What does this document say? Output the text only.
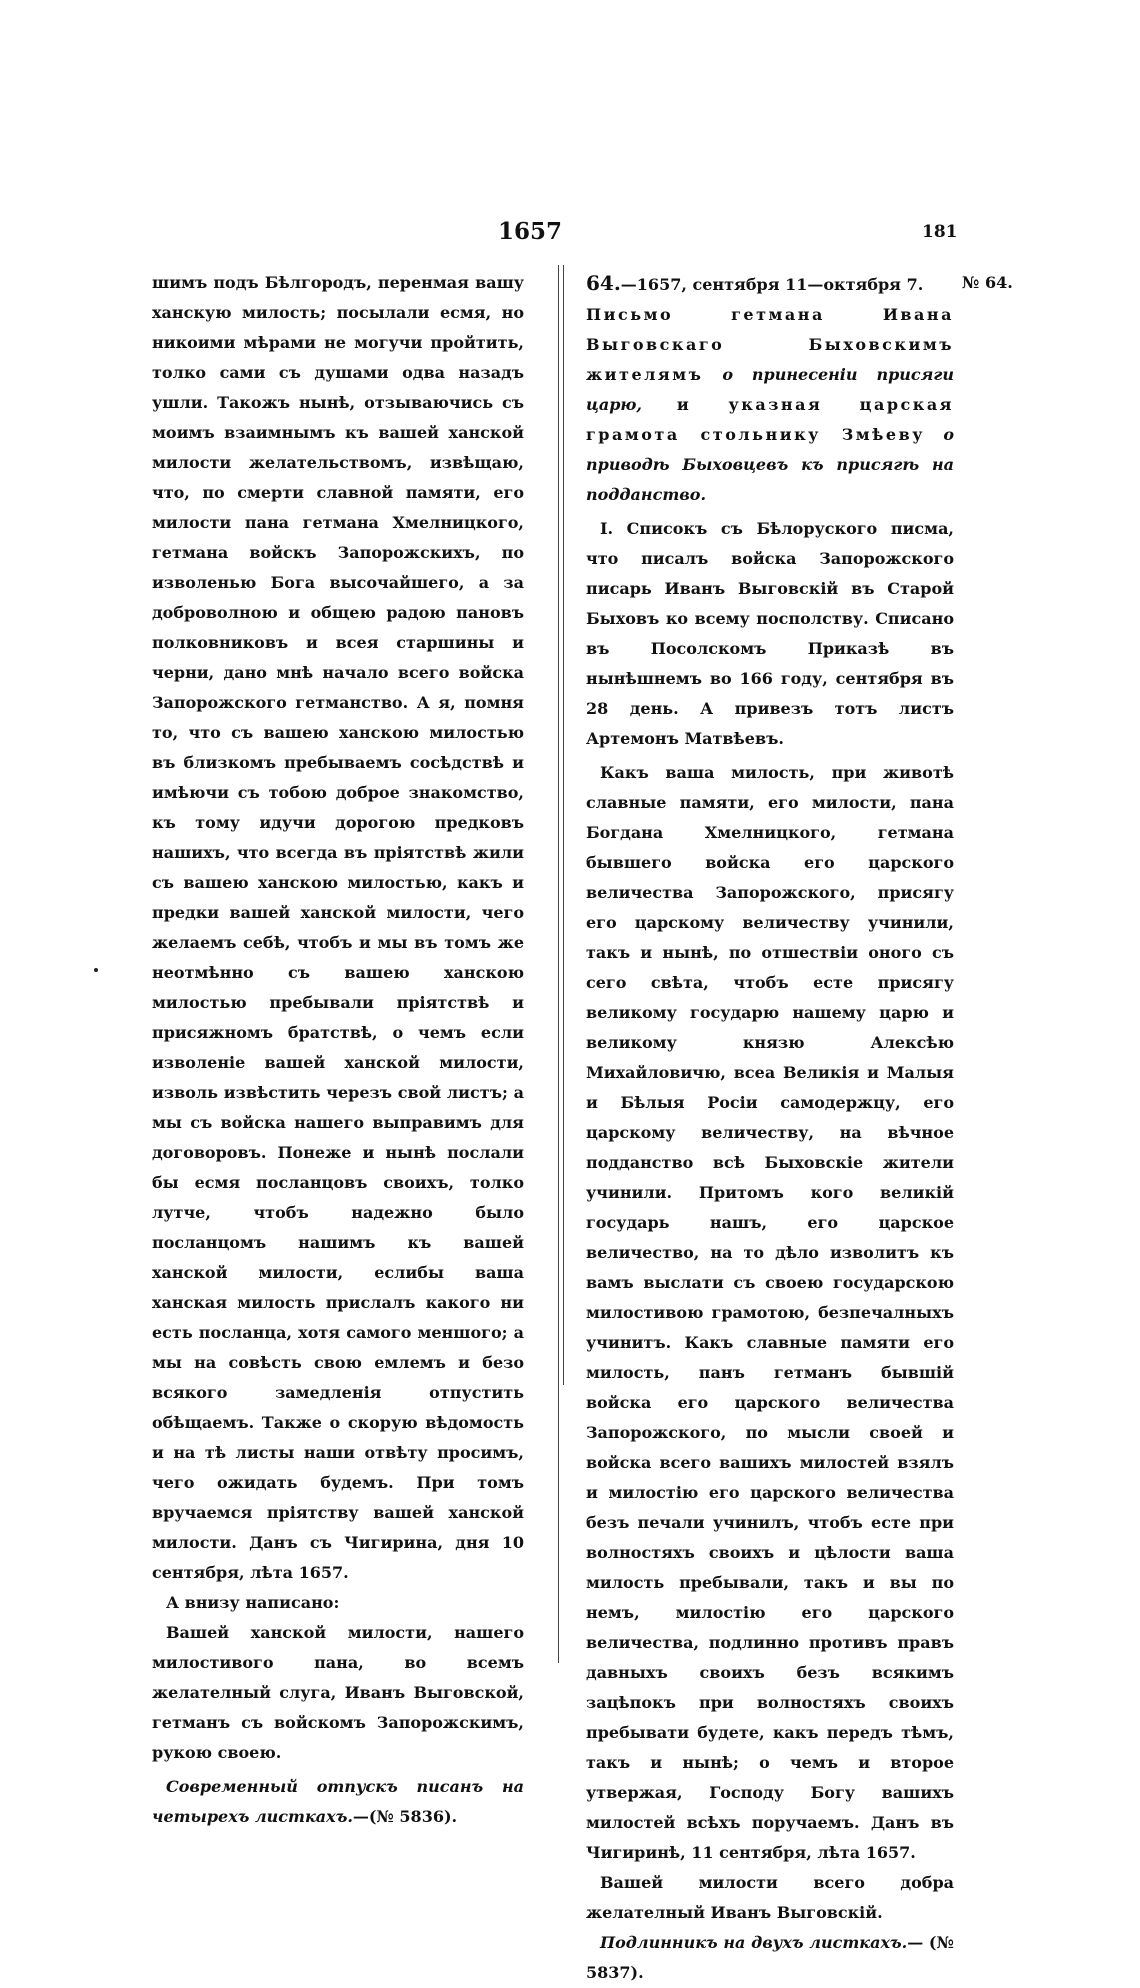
1657	181

шимъ подъ Бѣлгородъ, перенмая вашу ханскую милость; посылали есмя, но никоими мѣрами не могучи пройтить, толко сами съ душами одва назадъ ушли. Такожъ нынѣ, отзываючись съ моимъ взаимнымъ къ вашей ханской милости желательствомъ, извѣщаю, что, по смерти славной памяти, его милости пана гетмана Хмелницкого, гетмана войскъ Запорожскихъ, по изволенью Бога высочайшего, а за доброволною и общею радою пановъ полковниковъ и всея старшины и черни, дано мнѣ начало всего войска Запорожского гетманство. А я, помня то, что съ вашею ханскою милостью въ близкомъ пребываемъ сосѣдствѣ и имѣючи съ тобою доброе знакомство, къ тому идучи дорогою предковъ нашихъ, что всегда въ пріятствѣ жили съ вашею ханскою милостью, какъ и предки вашей ханской милости, чего желаемъ себѣ, чтобъ и мы въ томъ же неотмѣнно съ вашею ханскою милостью пребывали пріятствѣ и присяжномъ братствѣ, о чемъ если изволеніе вашей ханской милости, изволь извѣстить черезъ свой листъ; а мы съ войска нашего выправимъ для договоровъ. Понеже и нынѣ послали бы есмя посланцовъ своихъ, толко лутче, чтобъ надежно было посланцомъ нашимъ къ вашей ханской милости, еслибы ваша ханская милость прислалъ какого ни есть посланца, хотя самого меншого; а мы на совѣсть свою емлемъ и безо всякого замедленія отпустить обѣщаемъ. Также о скорую вѣдомость и на тѣ листы наши отвѣту просимъ, чего ожидать будемъ. При томъ вручаемся пріятству вашей ханской милости. Данъ съ Чигирина, дня 10 сентября, лѣта 1657.

А внизу написано:

Вашей ханской милости, нашего милостивого пана, во всемъ желателный слуга, Иванъ Выговской, гетманъ съ войскомъ Запорожскимъ, рукою своею.

Современный отпускъ писанъ на четырехъ листкахъ.—(№ 5836).

№ 64.

64.—1657, сентября 11—октября 7.

Письмо гетмана Ивана Выговскаго Быховскимъ жителямъ о принесеніи присяги царю, и указная царская грамота стольнику Змѣеву о приводѣ Быховцевъ къ присягѣ на подданство.

I. Списокъ съ Бѣлоруского писма, что писалъ войска Запорожского писарь Иванъ Выговскій въ Старой Быховъ ко всему посполству. Списано въ Посолскомъ Приказѣ въ нынѣшнемъ во 166 году, сентября въ 28 день. А привезъ тотъ листъ Артемонъ Матвѣевъ.

Какъ ваша милость, при животѣ славные памяти, его милости, пана Богдана Хмелницкого, гетмана бывшего войска его царского величества Запорожского, присягу его царскому величеству учинили, такъ и нынѣ, по отшествіи оного съ сего свѣта, чтобъ есте присягу великому государю нашему царю и великому князю Алексѣю Михайловичю, всеа Великія и Малыя и Бѣлыя Росіи самодержцу, его царскому величеству, на вѣчное подданство всѣ Быховскіе жители учинили. Притомъ кого великій государь нашъ, его царское величество, на то дѣло изволитъ къ вамъ выслати съ своею государскою милостивою грамотою, безпечалныхъ учинитъ. Какъ славные памяти его милость, панъ гетманъ бывшій войска его царского величества Запорожского, по мысли своей и войска всего вашихъ милостей взялъ и милостію его царского величества безъ печали учинилъ, чтобъ есте при волностяхъ своихъ и цѣлости ваша милость пребывали, такъ и вы по немъ, милостію его царского величества, подлинно противъ правъ давныхъ своихъ безъ всякимъ зацѣпокъ при волностяхъ своихъ пребывати будете, какъ передъ тѣмъ, такъ и нынѣ; о чемъ и второе утвержая, Господу Богу вашихъ милостей всѣхъ поручаемъ. Данъ въ Чигиринѣ, 11 сентября, лѣта 1657.

Вашей милости всего добра желателный Иванъ Выговскій.

Подлинникъ на двухъ листкахъ.— (№ 5837).
